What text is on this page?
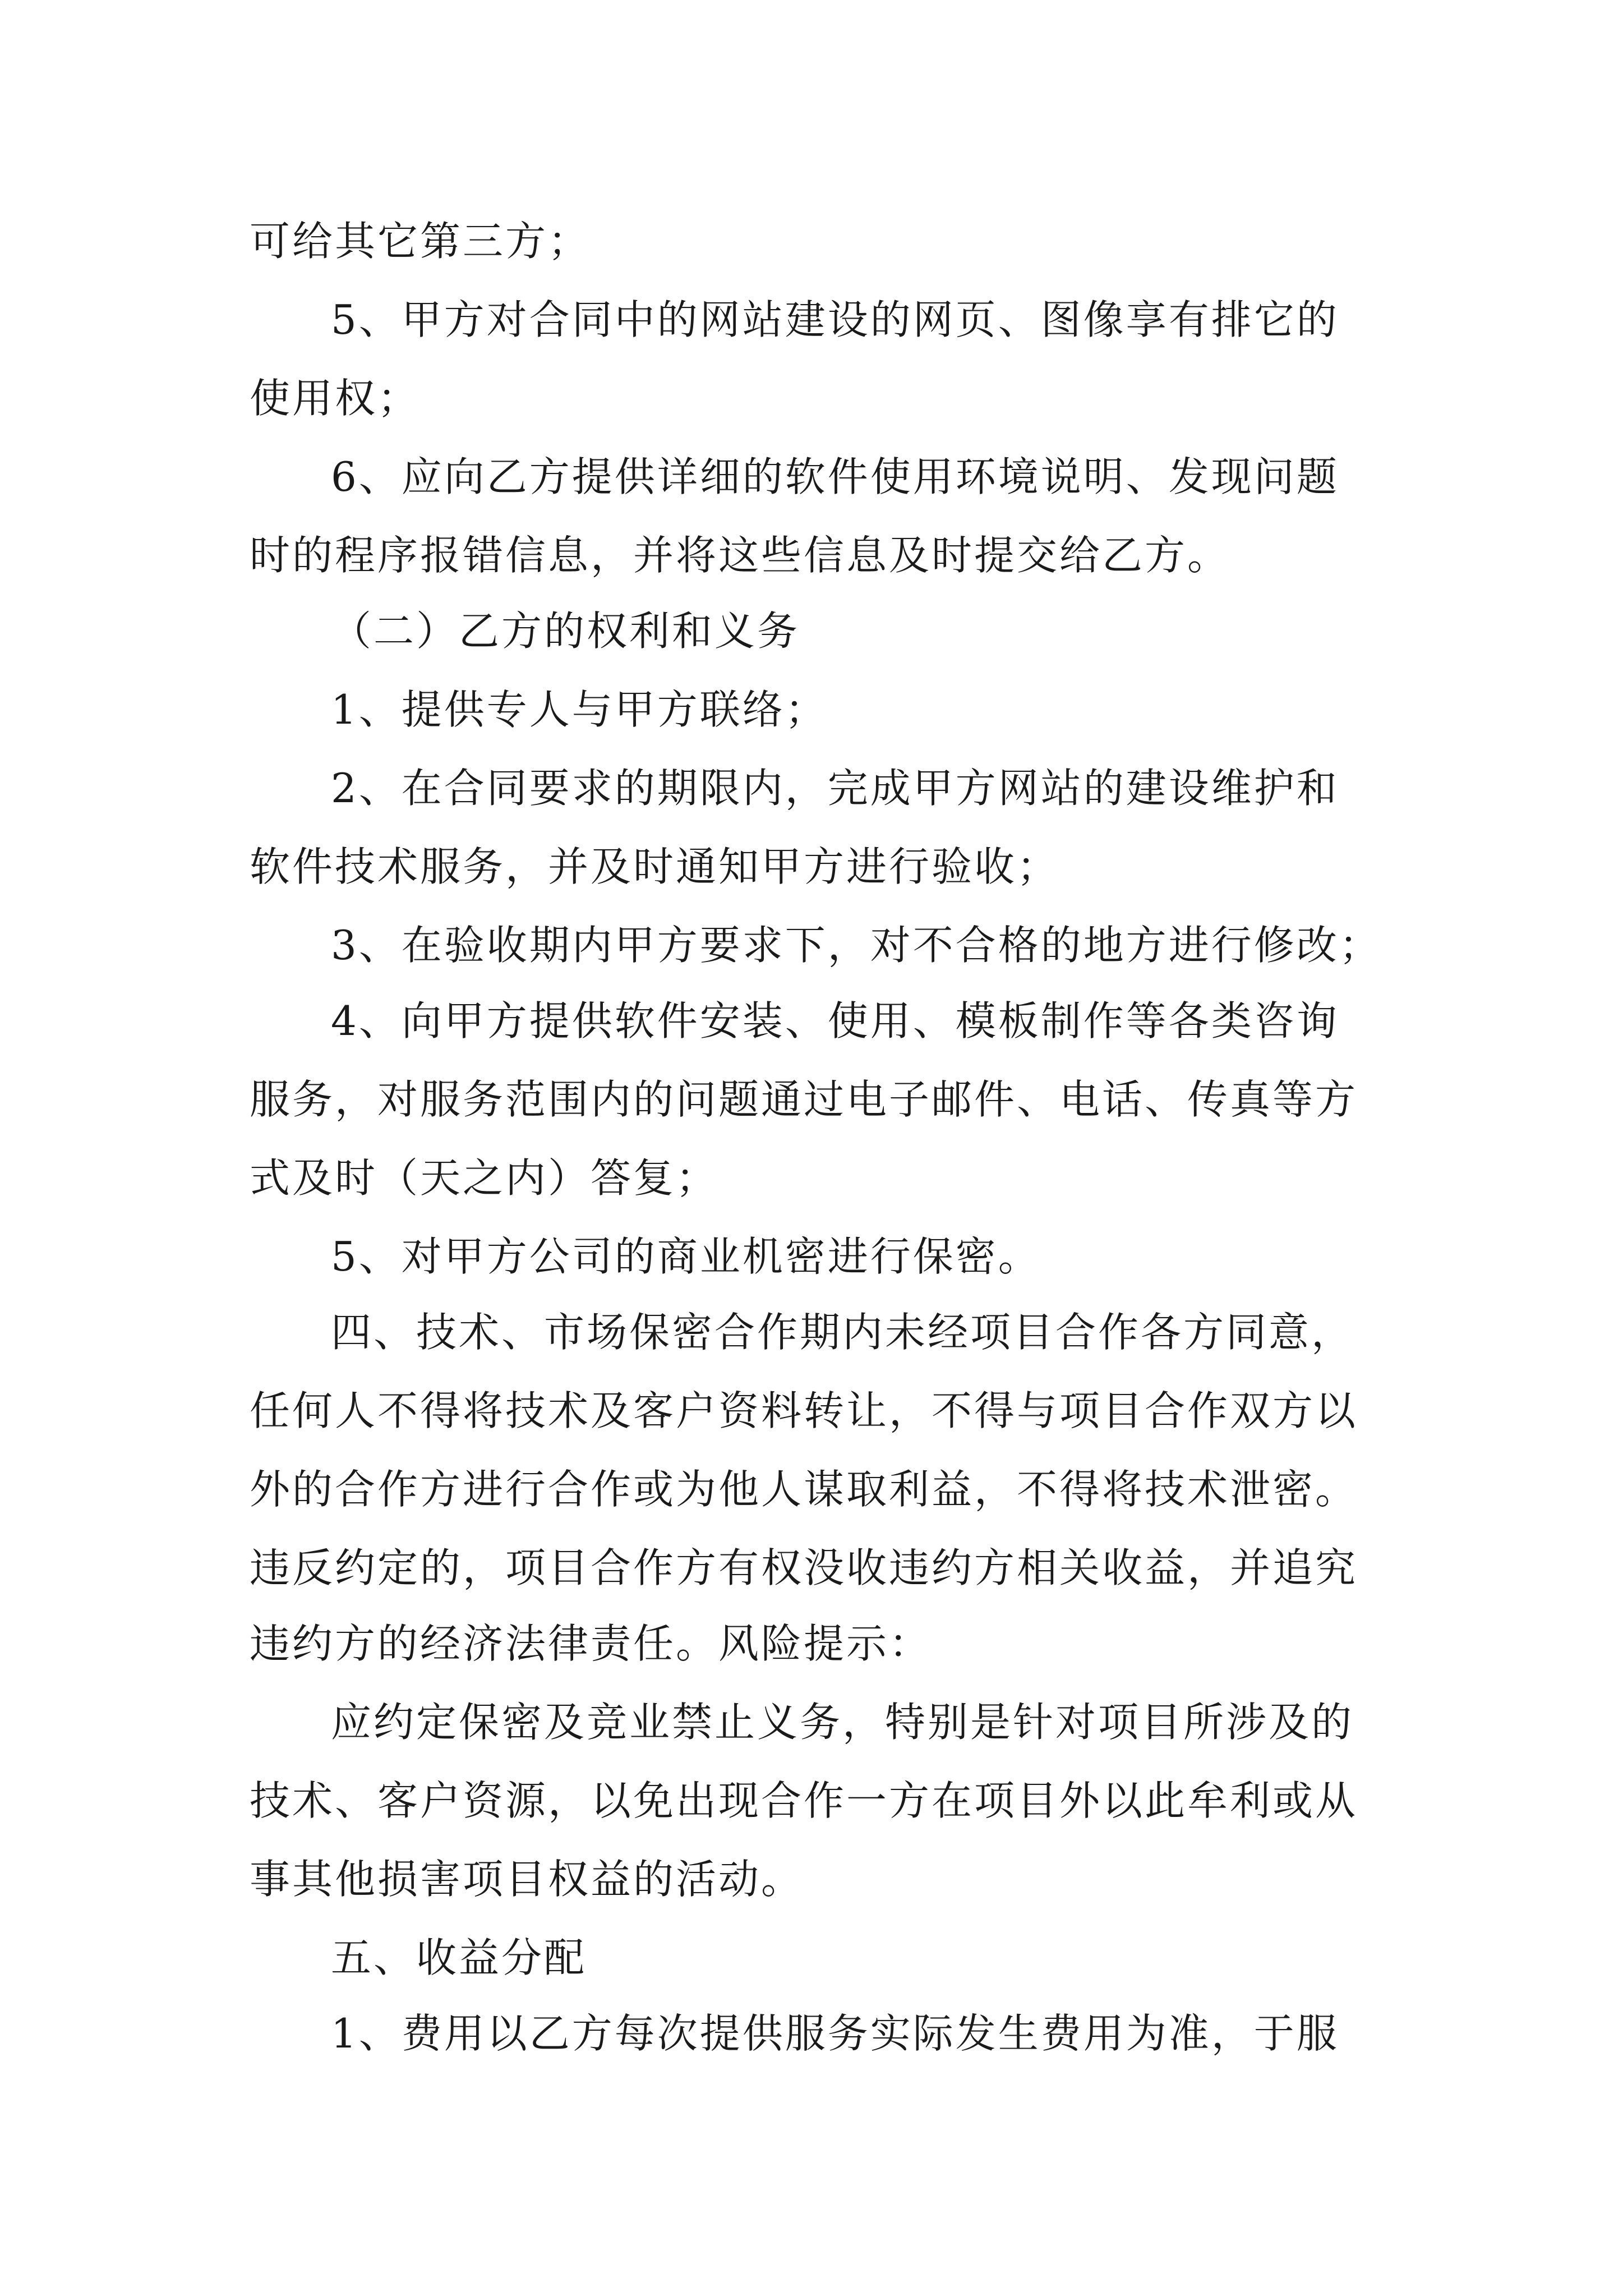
可给其它第三方；
5、甲方对合同中的网站建设的网页、图像享有排它的
使用权；
6、应向乙方提供详细的软件使用环境说明、发现问题
时的程序报错信息，并将这些信息及时提交给乙方。
（二）乙方的权利和义务
1、提供专人与甲方联络；
2、在合同要求的期限内，完成甲方网站的建设维护和
软件技术服务，并及时通知甲方进行验收；
3、在验收期内甲方要求下，对不合格的地方进行修改；
4、向甲方提供软件安装、使用、模板制作等各类咨询
服务，对服务范围内的问题通过电子邮件、电话、传真等方
式及时（天之内）答复；
5、对甲方公司的商业机密进行保密。
四、技术、市场保密合作期内未经项目合作各方同意，
任何人不得将技术及客户资料转让，不得与项目合作双方以
外的合作方进行合作或为他人谋取利益，不得将技术泄密。
违反约定的，项目合作方有权没收违约方相关收益，并追究
违约方的经济法律责任。风险提示：
应约定保密及竞业禁止义务，特别是针对项目所涉及的
技术、客户资源，以免出现合作一方在项目外以此牟利或从
事其他损害项目权益的活动。
五、收益分配
1、费用以乙方每次提供服务实际发生费用为准，于服
